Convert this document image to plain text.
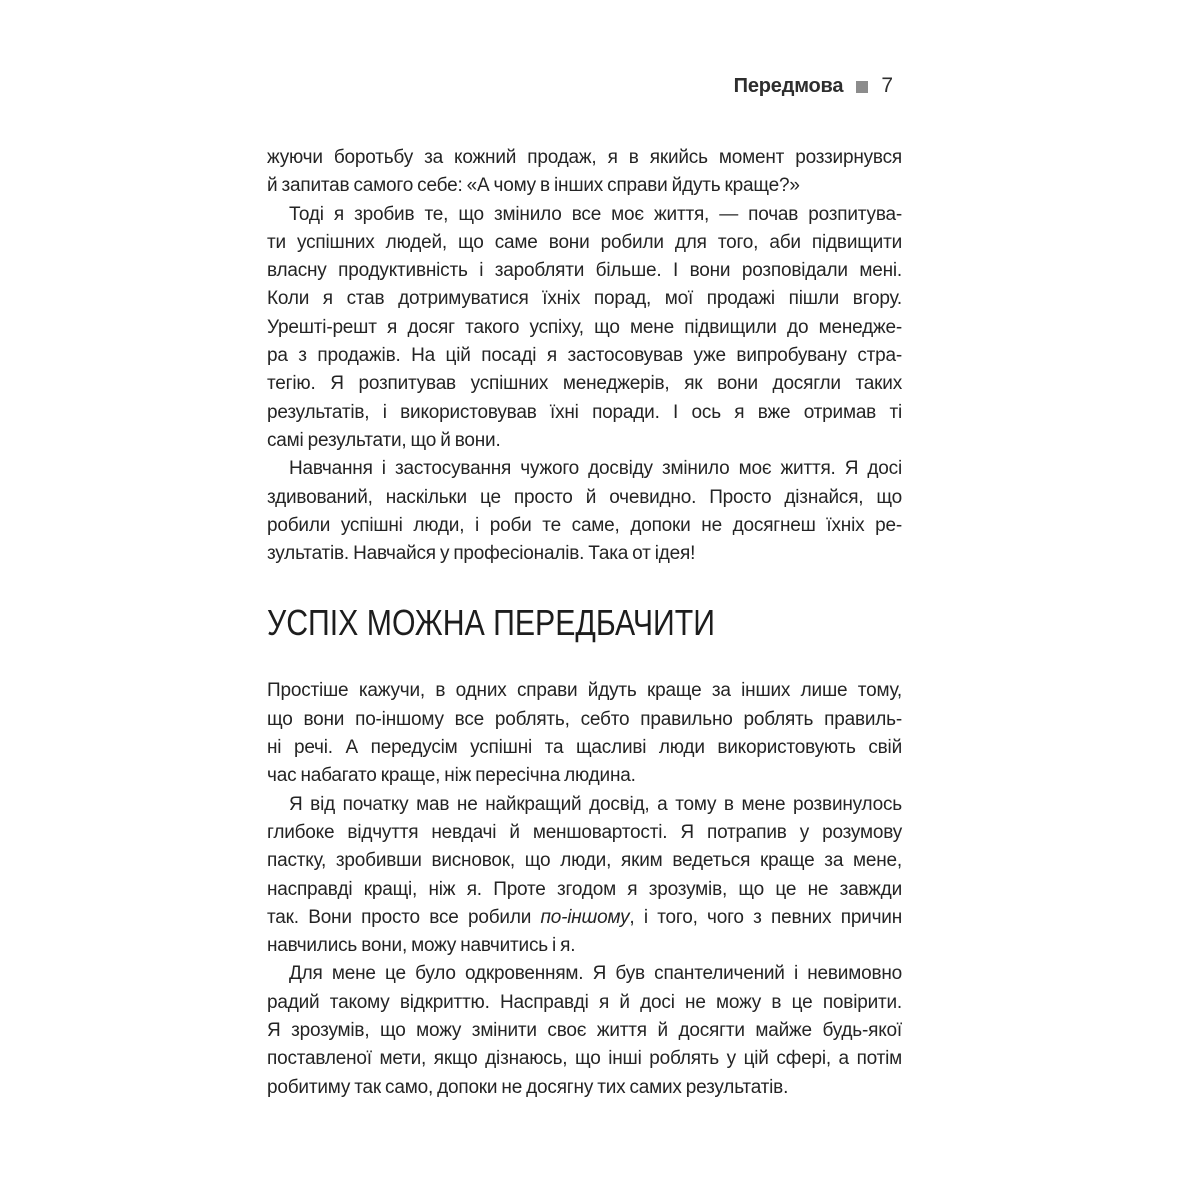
Передмова 7
жуючи боротьбу за кожний продаж, я в якийсь момент роззирнувся
й запитав самого себе: «А чому в інших справи йдуть краще?»
Тоді я зробив те, що змінило все моє життя, — почав розпитува-
ти успішних людей, що саме вони робили для того, аби підвищити
власну продуктивність і заробляти більше. І вони розповідали мені.
Коли я став дотримуватися їхніх порад, мої продажі пішли вгору.
Урешті-решт я досяг такого успіху, що мене підвищили до менедже-
ра з продажів. На цій посаді я застосовував уже випробувану стра-
тегію. Я розпитував успішних менеджерів, як вони досягли таких
результатів, і використовував їхні поради. І ось я вже отримав ті
самі результати, що й вони.
Навчання і застосування чужого досвіду змінило моє життя. Я досі
здивований, наскільки це просто й очевидно. Просто дізнайся, що
робили успішні люди, і роби те саме, допоки не досягнеш їхніх ре-
зультатів. Навчайся у професіоналів. Така от ідея!
УСПІХ МОЖНА ПЕРЕДБАЧИТИ
Простіше кажучи, в одних справи йдуть краще за інших лише тому,
що вони по-іншому все роблять, себто правильно роблять правиль-
ні речі. А передусім успішні та щасливі люди використовують свій
час набагато краще, ніж пересічна людина.
Я від початку мав не найкращий досвід, а тому в мене розвинулось
глибоке відчуття невдачі й меншовартості. Я потрапив у розумову
пастку, зробивши висновок, що люди, яким ведеться краще за мене,
насправді кращі, ніж я. Проте згодом я зрозумів, що це не завжди
так. Вони просто все робили по-іншому, і того, чого з певних причин
навчились вони, можу навчитись і я.
Для мене це було одкровенням. Я був спантеличений і невимовно
радий такому відкриттю. Насправді я й досі не можу в це повірити.
Я зрозумів, що можу змінити своє життя й досягти майже будь-якої
поставленої мети, якщо дізнаюсь, що інші роблять у цій сфері, а потім
робитиму так само, допоки не досягну тих самих результатів.
